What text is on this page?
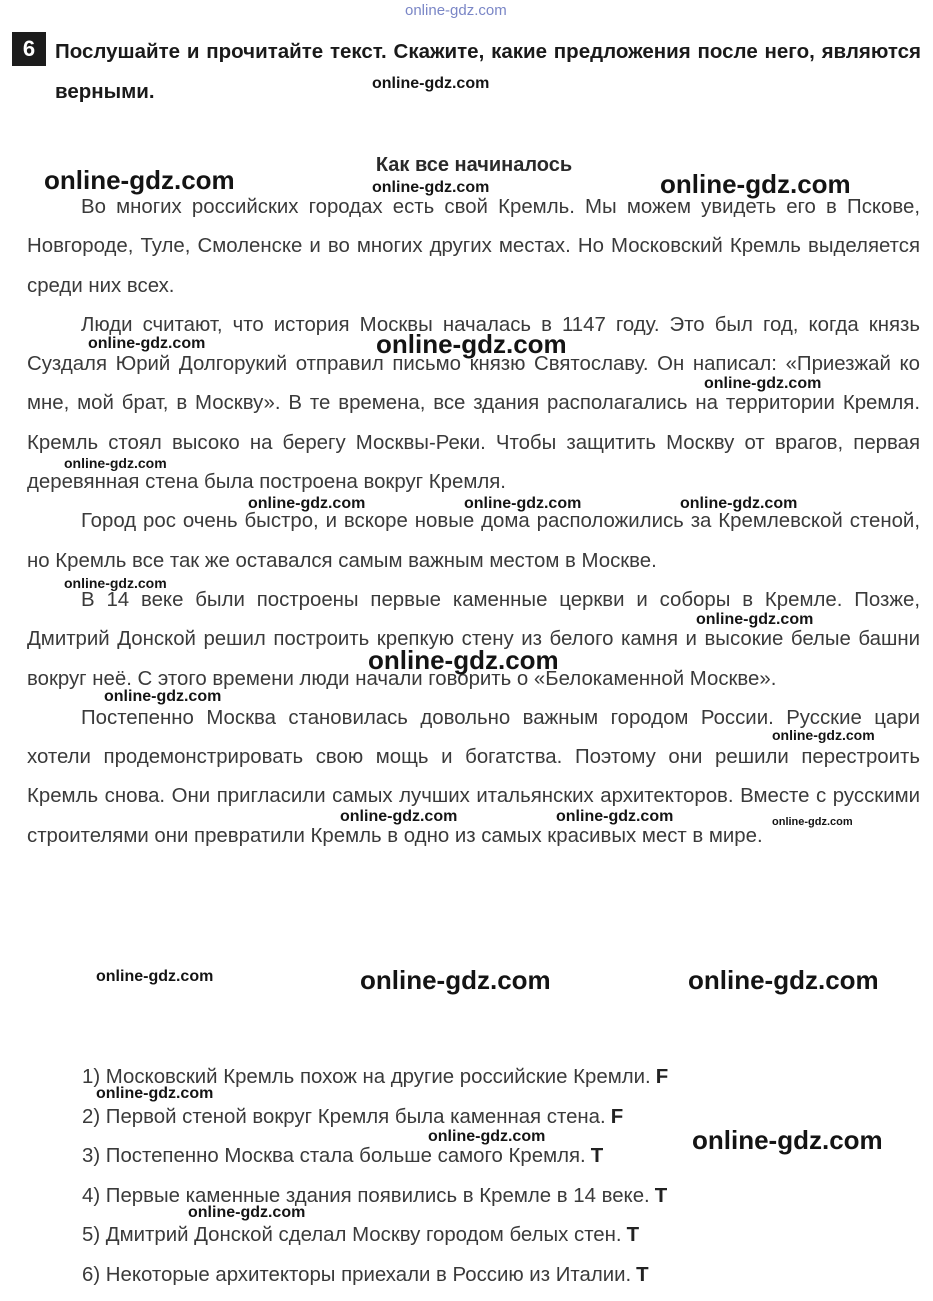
online-gdz.com
6 Послушайте и прочитайте текст. Скажите, какие предложения после него, являются верными.
Как все начиналось

Во многих российских городах есть свой Кремль. Мы можем увидеть его в Пскове, Новгороде, Туле, Смоленске и во многих других местах. Но Московский Кремль выделяется среди них всех.

Люди считают, что история Москвы началась в 1147 году. Это был год, когда князь Суздаля Юрий Долгорукий отправил письмо князю Святославу. Он написал: «Приезжай ко мне, мой брат, в Москву». В те времена, все здания располагались на территории Кремля. Кремль стоял высоко на берегу Москвы-Реки. Чтобы защитить Москву от врагов, первая деревянная стена была построена вокруг Кремля.

Город рос очень быстро, и вскоре новые дома расположились за Кремлевской стеной, но Кремль все так же оставался самым важным местом в Москве.

В 14 веке были построены первые каменные церкви и соборы в Кремле. Позже, Дмитрий Донской решил построить крепкую стену из белого камня и высокие белые башни вокруг неё. С этого времени люди начали говорить о «Белокаменной Москве».

Постепенно Москва становилась довольно важным городом России. Русские цари хотели продемонстрировать свою мощь и богатства. Поэтому они решили перестроить Кремль снова. Они пригласили самых лучших итальянских архитекторов. Вместе с русскими строителями они превратили Кремль в одно из самых красивых мест в мире.

1) Московский Кремль похож на другие российские Кремли. F
2) Первой стеной вокруг Кремля была каменная стена. F
3) Постепенно Москва стала больше самого Кремля. T
4) Первые каменные здания появились в Кремле в 14 веке. T
5) Дмитрий Донской сделал Москву городом белых стен. T
6) Некоторые архитекторы приехали в Россию из Италии. T
online-gdz.com
online-gdz.com	online-gdz.com	online-gdz.com
online-gdz.com	online-gdz.com
online-gdz.com
online-gdz.com
online-gdz.com	online-gdz.com	online-gdz.com
online-gdz.com
online-gdz.com
online-gdz.com
online-gdz.com
online-gdz.com
online-gdz.com	online-gdz.com	online-gdz.com
online-gdz.com	online-gdz.com	online-gdz.com
online-gdz.com
online-gdz.com	online-gdz.com
online-gdz.com
